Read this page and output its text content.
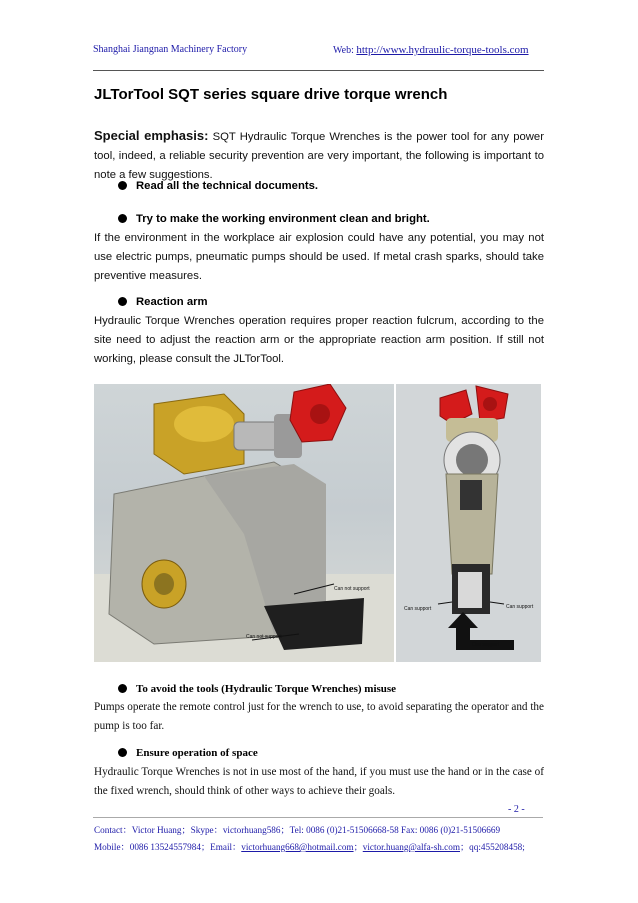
Shanghai Jiangnan Machinery Factory	Web: http://www.hydraulic-torque-tools.com
JLTorTool SQT series square drive torque wrench
Special emphasis: SQT Hydraulic Torque Wrenches is the power tool for any power tool, indeed, a reliable security prevention are very important, the following is important to note a few suggestions.
Read all the technical documents.
Try to make the working environment clean and bright.
If the environment in the workplace air explosion could have any potential, you may not use electric pumps, pneumatic pumps should be used. If metal crash sparks, should take preventive measures.
Reaction arm
Hydraulic Torque Wrenches operation requires proper reaction fulcrum, according to the site need to adjust the reaction arm or the appropriate reaction arm position. If still not working, please consult the JLTorTool.
Can not support
Can not support
Can support	Can support
Can support
To avoid the tools (Hydraulic Torque Wrenches) misuse
Pumps operate the remote control just for the wrench to use, to avoid separating the operator and the pump is too far.
Ensure operation of space
Hydraulic Torque Wrenches is not in use most of the hand, if you must use the hand or in the case of the fixed wrench, should think of other ways to achieve their goals.
- 2 -
Contact：Victor Huang；Skype：victorhuang586；Tel: 0086 (0)21-51506668-58 Fax: 0086 (0)21-51506669
Mobile：0086 13524557984；Email：victorhuang668@hotmail.com；victor.huang@alfa-sh.com；qq:455208458;
